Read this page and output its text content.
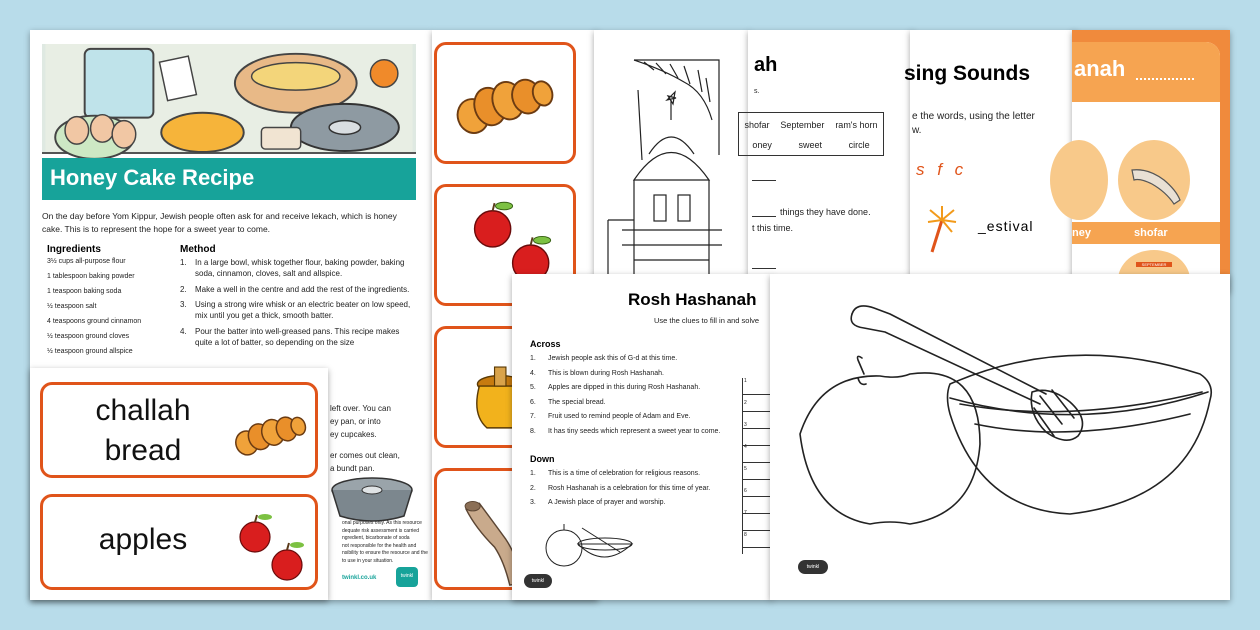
Honey Cake Recipe
On the day before Yom Kippur, Jewish people often ask for and receive lekach, which is honey cake. This is to represent the hope for a sweet year to come.
Ingredients
3½ cups all-purpose flour
1 tablespoon baking powder
1 teaspoon baking soda
½ teaspoon salt
4 teaspoons ground cinnamon
½ teaspoon ground cloves
½ teaspoon ground allspice
Method
1.	In a large bowl, whisk together flour, baking powder, baking soda, cinnamon, cloves, salt and allspice.
2.	Make a well in the centre and add the rest of the ingredients.
3.	Using a strong wire whisk or an electric beater on low speed, mix until you get a thick, smooth batter.
4.	Pour the batter into well-greased pans. This recipe makes quite a lot of batter, so depending on the size
left over. You can
ey pan, or into
ey cupcakes.
er comes out clean,
a bundt pan.
onal purposes only. As this resource
dequate risk assessment is carried
ngredient, bicarbonate of soda
not responsible for the health and
nsibility to ensure the resource and the
to use in your situation.
twinkl.co.uk	twinkl
ah
s.
shofar September ram's horn
oney	sweet	circle
things they have done.
t this time.
sing Sounds
e the words, using the letter
w.
s f c
_estival
anah
ney	shofar
SEPTEMBER
Rosh Hashanah
Use the clues to fill in and solve
Across
1.	Jewish people ask this of G-d at this time.
4.	This is blown during Rosh Hashanah.
5.	Apples are dipped in this during Rosh Hashanah.
6.	The special bread.
7.	Fruit used to remind people of Adam and Eve.
8.	It has tiny seeds which represent a sweet year to come.
Down
1.	This is a time of celebration for religious reasons.
2.	Rosh Hashanah is a celebration for this time of year.
3.	A Jewish place of prayer and worship.
1
2
3
4
5
6
7
8
twinkl
twinkl
challah
bread
apples
